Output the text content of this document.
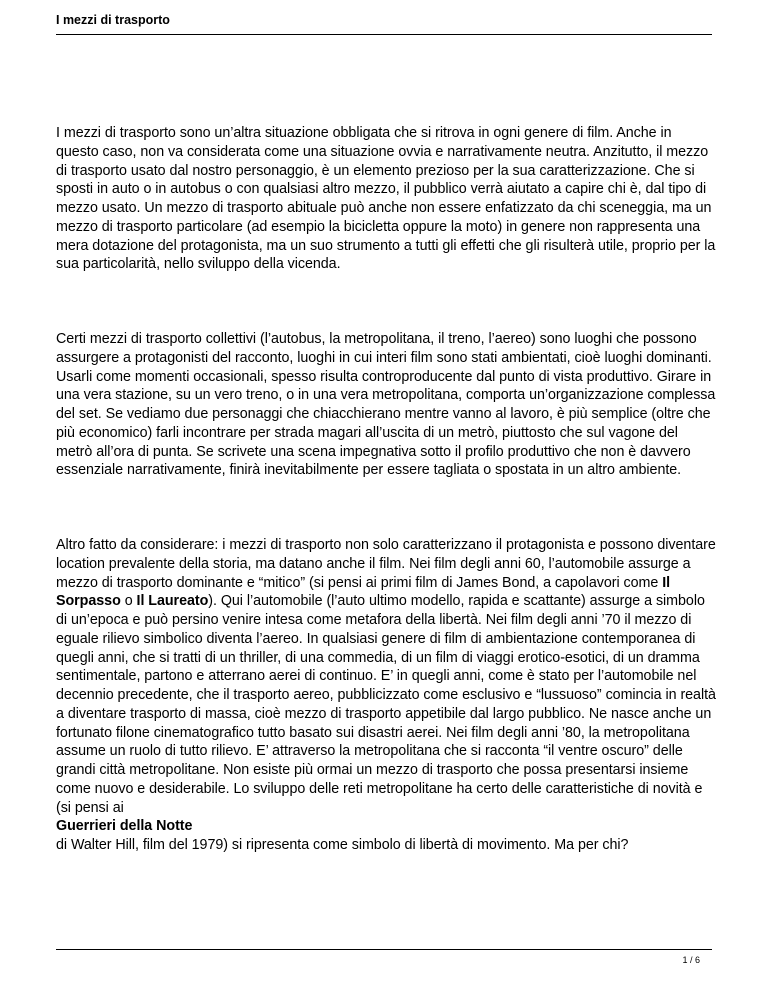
I mezzi di trasporto

I mezzi di trasporto sono un’altra situazione obbligata che si ritrova in ogni genere di film. Anche in questo caso, non va considerata come una situazione ovvia e narrativamente neutra. Anzitutto, il mezzo di trasporto usato dal nostro personaggio, è un elemento prezioso per la sua caratterizzazione. Che si sposti in auto o in autobus o con qualsiasi altro mezzo, il pubblico verrà aiutato a capire chi è, dal tipo di mezzo usato. Un mezzo di trasporto abituale può anche non essere enfatizzato da chi sceneggia, ma un mezzo di trasporto particolare (ad esempio la bicicletta oppure la moto) in genere non rappresenta una mera dotazione del protagonista, ma un suo strumento a tutti gli effetti che gli risulterà utile, proprio per la sua particolarità, nello sviluppo della vicenda.

Certi mezzi di trasporto collettivi (l’autobus, la metropolitana, il treno, l’aereo) sono luoghi che possono assurgere a protagonisti del racconto, luoghi in cui interi film sono stati ambientati, cioè luoghi dominanti. Usarli come momenti occasionali, spesso risulta controproducente dal punto di vista produttivo. Girare in una vera stazione, su un vero treno, o in una vera metropolitana, comporta un’organizzazione complessa del set. Se vediamo due personaggi che chiacchierano mentre vanno al lavoro, è più semplice (oltre che più economico) farli incontrare per strada magari all’uscita di un metrò, piuttosto che sul vagone del metrò all’ora di punta. Se scrivete una scena impegnativa sotto il profilo produttivo che non è davvero essenziale narrativamente, finirà inevitabilmente per essere tagliata o spostata in un altro ambiente.

Altro fatto da considerare: i mezzi di trasporto non solo caratterizzano il protagonista e possono diventare location prevalente della storia, ma datano anche il film. Nei film degli anni 60, l’automobile assurge a mezzo di trasporto dominante e “mitico” (si pensi ai primi film di James Bond, a capolavori come Il Sorpasso o Il Laureato). Qui l’automobile (l’auto ultimo modello, rapida e scattante) assurge a simbolo di un’epoca e può persino venire intesa come metafora della libertà. Nei film degli anni ’70 il mezzo di eguale rilievo simbolico diventa l’aereo. In qualsiasi genere di film di ambientazione contemporanea di quegli anni, che si tratti di un thriller, di una commedia, di un film di viaggi erotico-esotici, di un dramma sentimentale, partono e atterrano aerei di continuo. E’ in quegli anni, come è stato per l’automobile nel decennio precedente, che il trasporto aereo, pubblicizzato come esclusivo e “lussuoso” comincia in realtà a diventare trasporto di massa, cioè mezzo di trasporto appetibile dal largo pubblico. Ne nasce anche un fortunato filone cinematografico tutto basato sui disastri aerei. Nei film degli anni ’80, la metropolitana assume un ruolo di tutto rilievo. E’ attraverso la metropolitana che si racconta “il ventre oscuro” delle grandi città metropolitane. Non esiste più ormai un mezzo di trasporto che possa presentarsi insieme come nuovo e desiderabile. Lo sviluppo delle reti metropolitane ha certo delle caratteristiche di novità e (si pensi ai
Guerrieri della Notte
di Walter Hill, film del 1979) si ripresenta come simbolo di libertà di movimento. Ma per chi?

1 / 6
